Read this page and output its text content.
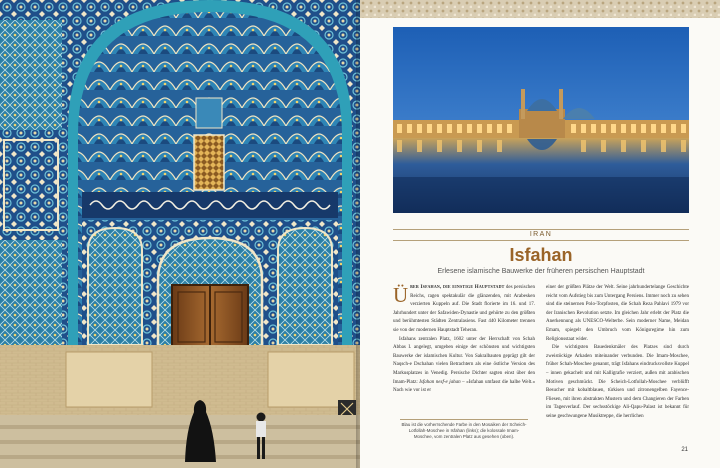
IRAN
Isfahan
Erlesene islamische Bauwerke der früheren persischen Hauptstadt

Über Isfahan, die einstige Hauptstadt des persischen Reichs, ragen spektakulär die glänzenden, mit Arabesken verzierten Kuppeln auf. Die Stadt florierte im 16. und 17. Jahrhundert unter der Safawiden-Dynastie und gehörte zu den größten und berühmtesten Städten Zentralasiens. Fast 440 Kilometer trennen sie von der modernen Hauptstadt Teheran.

Isfahans zentralen Platz, 1602 unter der Herrschaft von Schah Abbas I. angelegt, umgeben einige der schönsten und wichtigsten Bauwerke der islamischen Kultur. Von Sakralbauten geprägt gilt der Naqsch-e Dschahan vielen Betrachtern als eine östliche Version des Markusplatzes in Venedig. Persische Dichter sagten einst über den Imam-Platz: Isfahan nesf-e jahan – »Isfahan umfasst die halbe Welt.« Nach wie vor ist er

einer der größten Plätze der Welt. Seine jahrhundertelange Geschichte reicht vom Aufstieg bis zum Untergang Persiens. Immer noch zu sehen sind die steinernen Polo-Torpfosten, die Schah Reza Pahlavi 1979 vor der Iranischen Revolution setzte. Im gleichen Jahr erlebt der Platz die Anerkennung als UNESCO-Welterbe. Sein moderner Name, Meidan Emam, spiegelt den Umbruch vom Königsregime hin zum Religionsstaat wider.

Die wichtigsten Bauedenkmäler des Platzes sind durch zweistöckige Arkaden miteinander verbunden. Die Imam-Moschee, früher Schah-Moschee genannt, trägt Isfahans eindrucksvollste Kuppel – innen gekachelt und mit Kalligrafie verziert, außen mit arabischen Motiven geschmückt. Die Scheich-Lotfollah-Moschee verblüfft Besucher mit kobaltblauen, türkisen und zitronengelben Fayence-Fliesen, mit ihren abstrakten Mustern und dem Changieren der Farben im Tagesverlauf. Der sechsstöckige Ali-Qapu-Palast ist bekannt für seine geschwungene Musiktreppe, die herrlichen

Blau ist die vorherrschende Farbe in den Mosaiken der Scheich-Lotfollah-Moschee in Isfahan (links); die kolossale Imam-Moschee, vom zentralen Platz aus gesehen (oben).
21
